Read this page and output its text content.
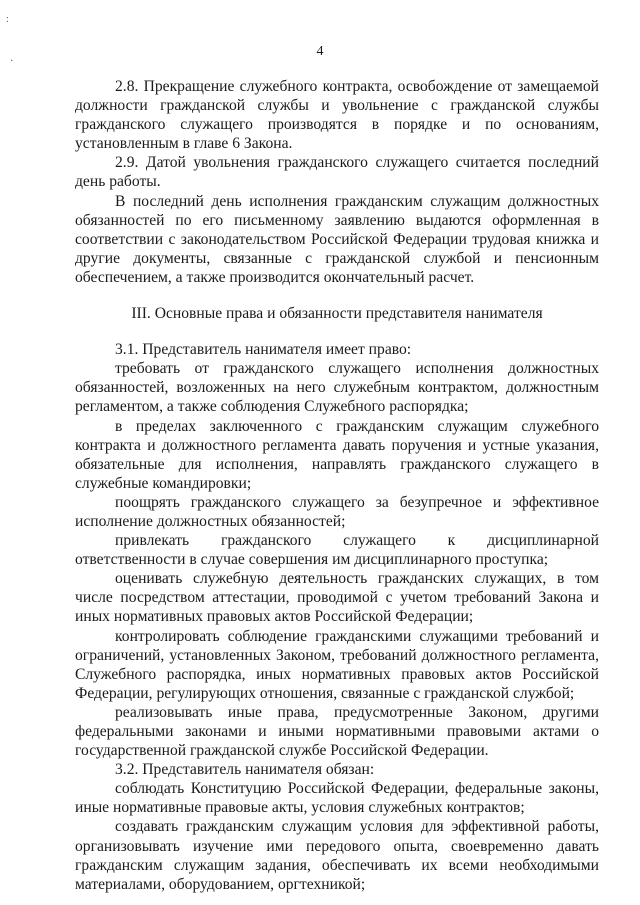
:
·
4

2.8. Прекращение служебного контракта, освобождение от замещаемой должности гражданской службы и увольнение с гражданской службы гражданского служащего производятся в порядке и по основаниям, установленным в главе 6 Закона.

2.9. Датой увольнения гражданского служащего считается последний день работы.

В последний день исполнения гражданским служащим должностных обязанностей по его письменному заявлению выдаются оформленная в соответствии с законодательством Российской Федерации трудовая книжка и другие документы, связанные с гражданской службой и пенсионным обеспечением, а также производится окончательный расчет.

III. Основные права и обязанности представителя нанимателя

3.1. Представитель нанимателя имеет право:

требовать от гражданского служащего исполнения должностных обязанностей, возложенных на него служебным контрактом, должностным регламентом, а также соблюдения Служебного распорядка;

в пределах заключенного с гражданским служащим служебного контракта и должностного регламента давать поручения и устные указания, обязательные для исполнения, направлять гражданского служащего в служебные командировки;

поощрять гражданского служащего за безупречное и эффективное исполнение должностных обязанностей;

привлекать гражданского служащего к дисциплинарной ответственности в случае совершения им дисциплинарного проступка;

оценивать служебную деятельность гражданских служащих, в том числе посредством аттестации, проводимой с учетом требований Закона и иных нормативных правовых актов Российской Федерации;

контролировать соблюдение гражданскими служащими требований и ограничений, установленных Законом, требований должностного регламента, Служебного распорядка, иных нормативных правовых актов Российской Федерации, регулирующих отношения, связанные с гражданской службой;

реализовывать иные права, предусмотренные Законом, другими федеральными законами и иными нормативными правовыми актами о государственной гражданской службе Российской Федерации.

3.2. Представитель нанимателя обязан:

соблюдать Конституцию Российской Федерации, федеральные законы, иные нормативные правовые акты, условия служебных контрактов;

создавать гражданским служащим условия для эффективной работы, организовывать изучение ими передового опыта, своевременно давать гражданским служащим задания, обеспечивать их всеми необходимыми материалами, оборудованием, оргтехникой;
